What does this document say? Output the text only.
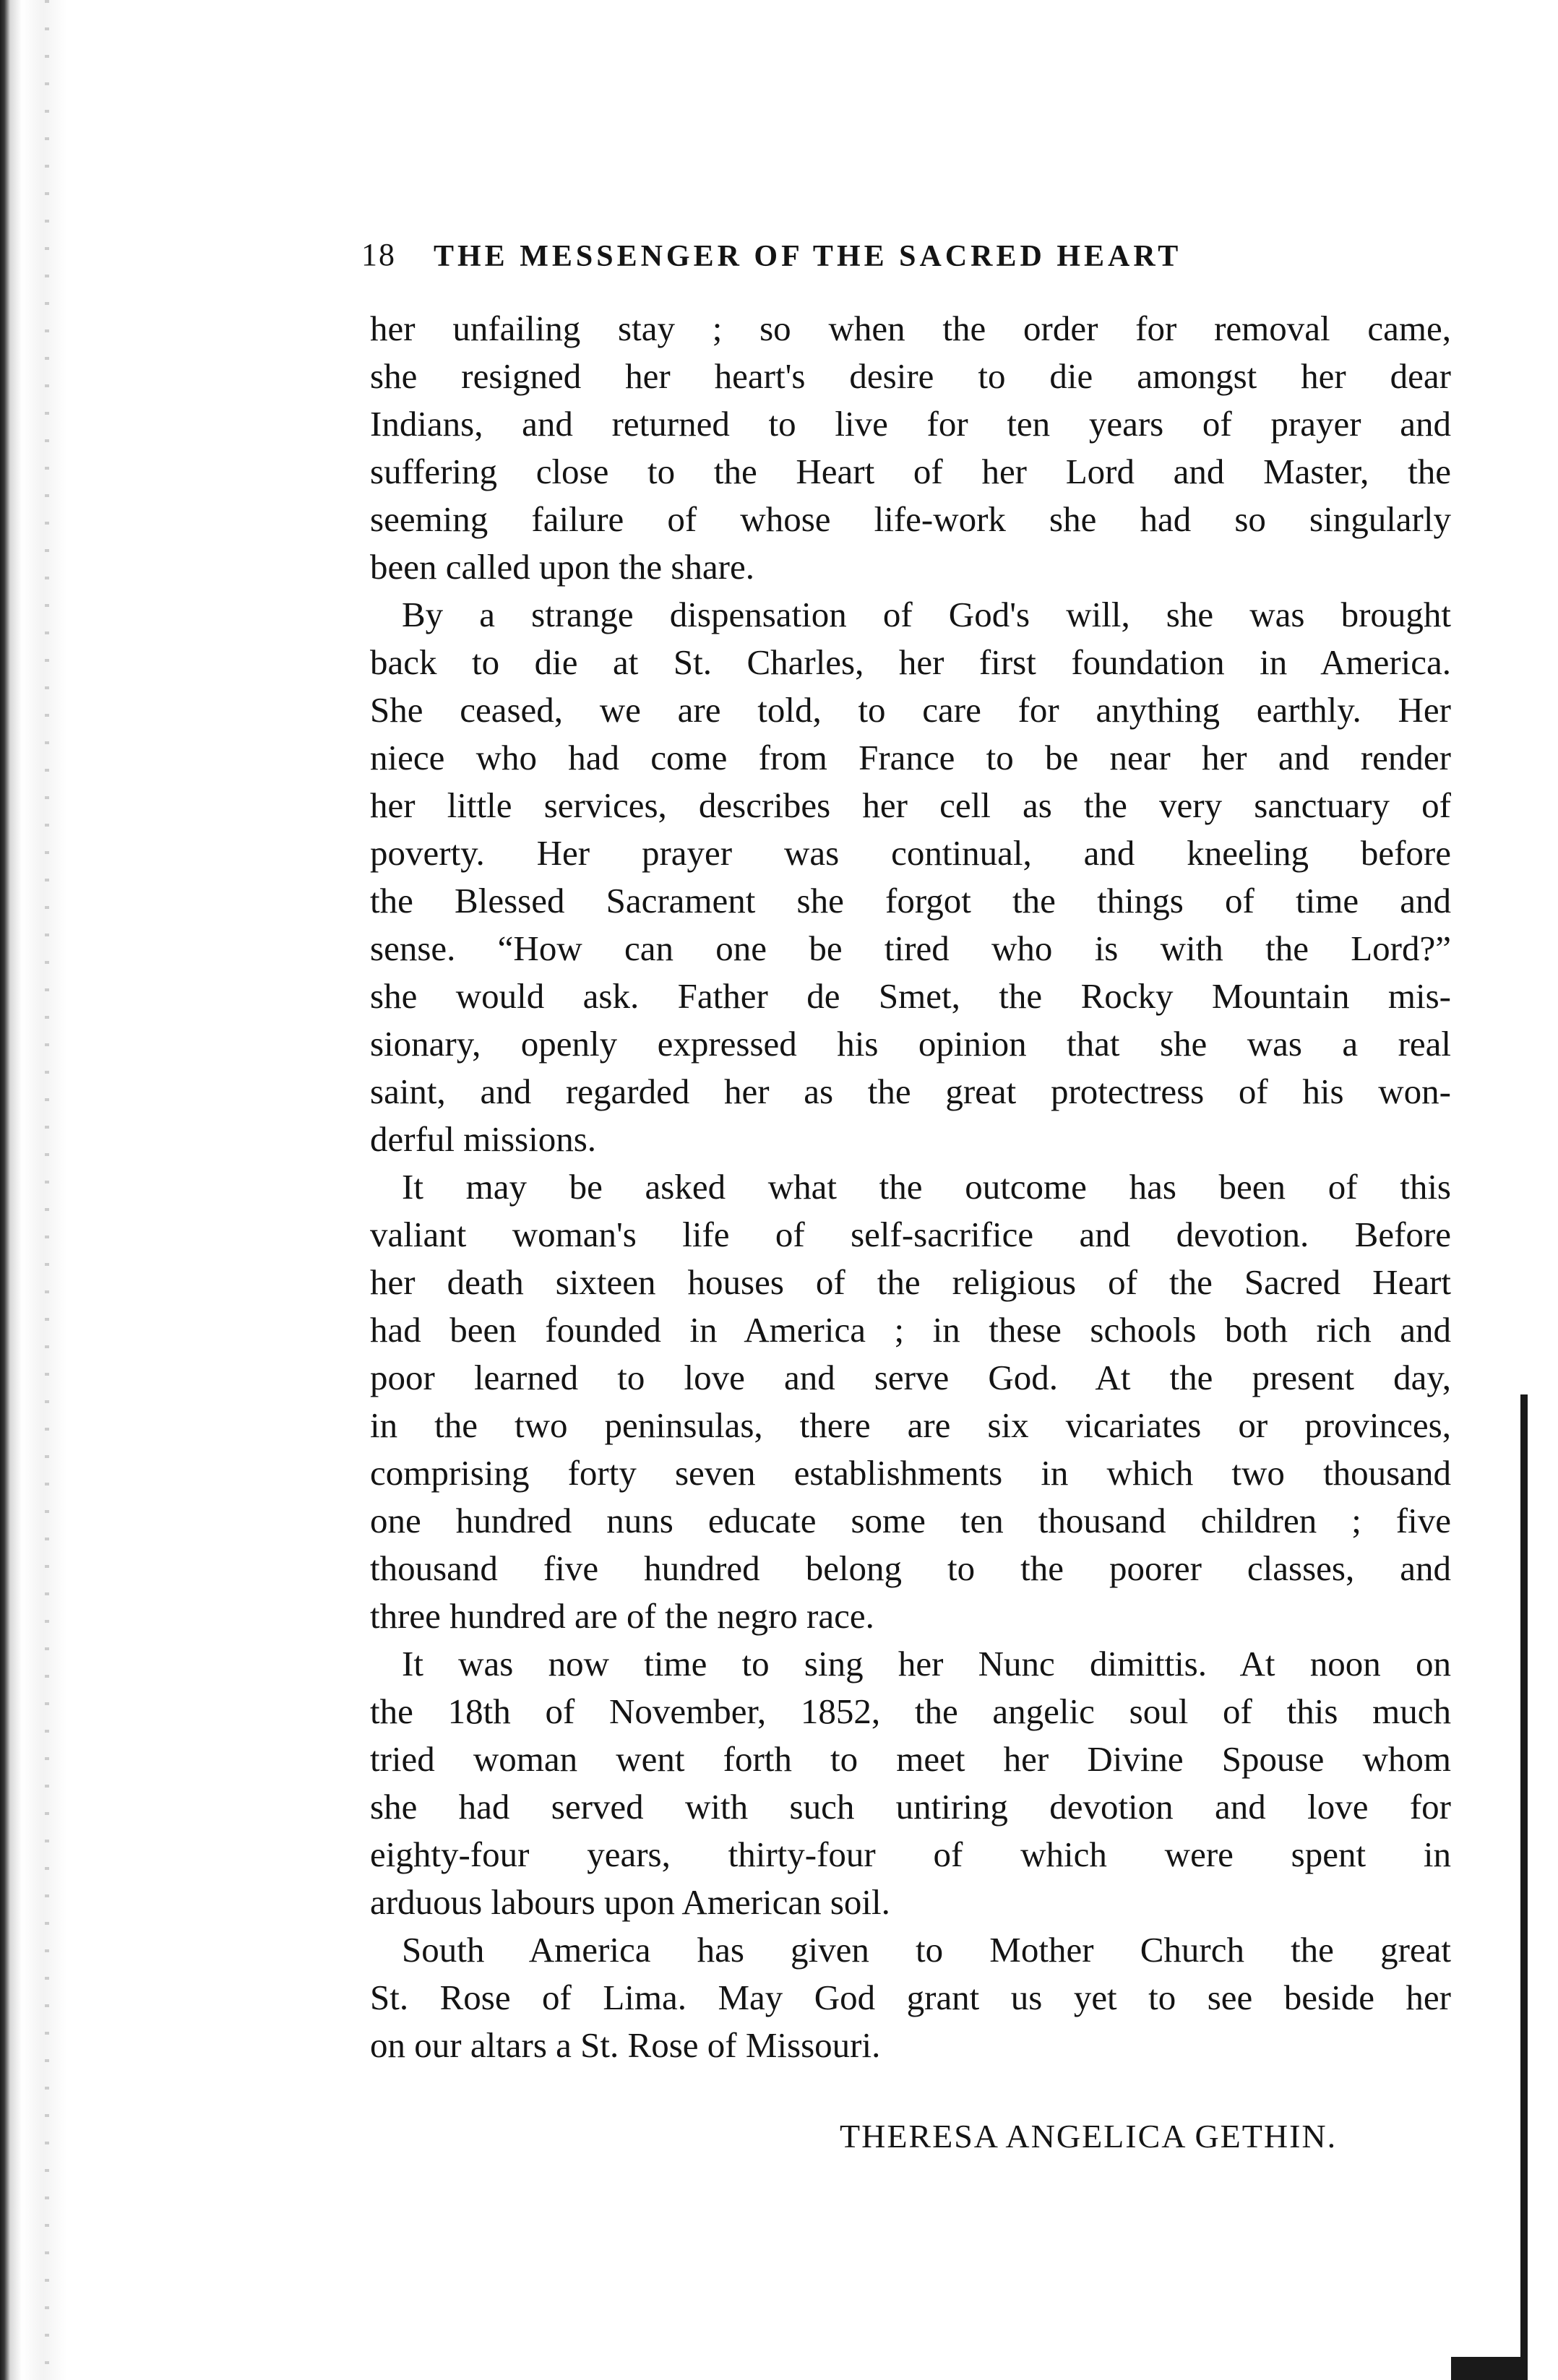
18 THE MESSENGER OF THE SACRED HEART
her unfailing stay ; so when the order for removal came,
she resigned her heart's desire to die amongst her dear
Indians, and returned to live for ten years of prayer and
suffering close to the Heart of her Lord and Master, the
seeming failure of whose life-work she had so singularly
been called upon the share.
By a strange dispensation of God's will, she was brought
back to die at St. Charles, her first foundation in America.
She ceased, we are told, to care for anything earthly. Her
niece who had come from France to be near her and render
her little services, describes her cell as the very sanctuary of
poverty. Her prayer was continual, and kneeling before
the Blessed Sacrament she forgot the things of time and
sense. “How can one be tired who is with the Lord?”
she would ask. Father de Smet, the Rocky Mountain mis-
sionary, openly expressed his opinion that she was a real
saint, and regarded her as the great protectress of his won-
derful missions.
It may be asked what the outcome has been of this
valiant woman's life of self-sacrifice and devotion. Before
her death sixteen houses of the religious of the Sacred Heart
had been founded in America ; in these schools both rich and
poor learned to love and serve God. At the present day,
in the two peninsulas, there are six vicariates or provinces,
comprising forty seven establishments in which two thousand
one hundred nuns educate some ten thousand children ; five
thousand five hundred belong to the poorer classes, and
three hundred are of the negro race.
It was now time to sing her Nunc dimittis. At noon on
the 18th of November, 1852, the angelic soul of this much
tried woman went forth to meet her Divine Spouse whom
she had served with such untiring devotion and love for
eighty-four years, thirty-four of which were spent in
arduous labours upon American soil.
South America has given to Mother Church the great
St. Rose of Lima. May God grant us yet to see beside her
on our altars a St. Rose of Missouri.
THERESA ANGELICA GETHIN.
